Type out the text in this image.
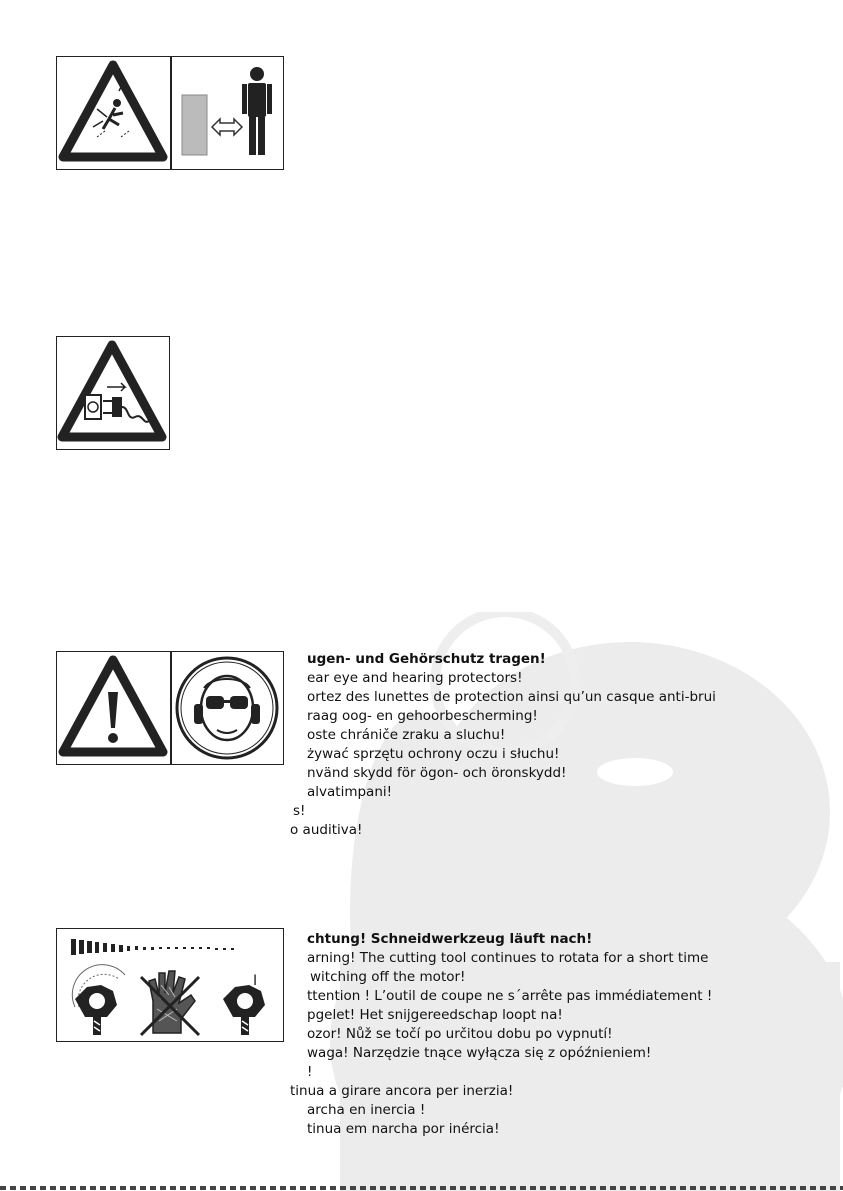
I
ugen- und Gehörschutz tragen!
ear eye and hearing protectors!
ortez des lunettes de protection ainsi qu’un casque anti-brui
raag oog- en gehoorbescherming!
oste chrániče zraku a sluchu!
żywać sprzętu ochrony oczu i słuchu!
nvänd skydd för ögon- och öronskydd!
alvatimpani!
s!
o auditiva!
chtung! Schneidwerkzeug läuft nach!
arning! The cutting tool continues to rotata for a short time
witching off the motor!
ttention ! L’outil de coupe ne s´arrête pas immédiatement !
pgelet! Het snijgereedschap loopt na!
ozor! Nůž se točí po určitou dobu po vypnutí!
waga! Narzędzie tnące wyłącza się z opóźnieniem!
!
tinua a girare ancora per inerzia!
archa en inercia !
tinua em narcha por inércia!
